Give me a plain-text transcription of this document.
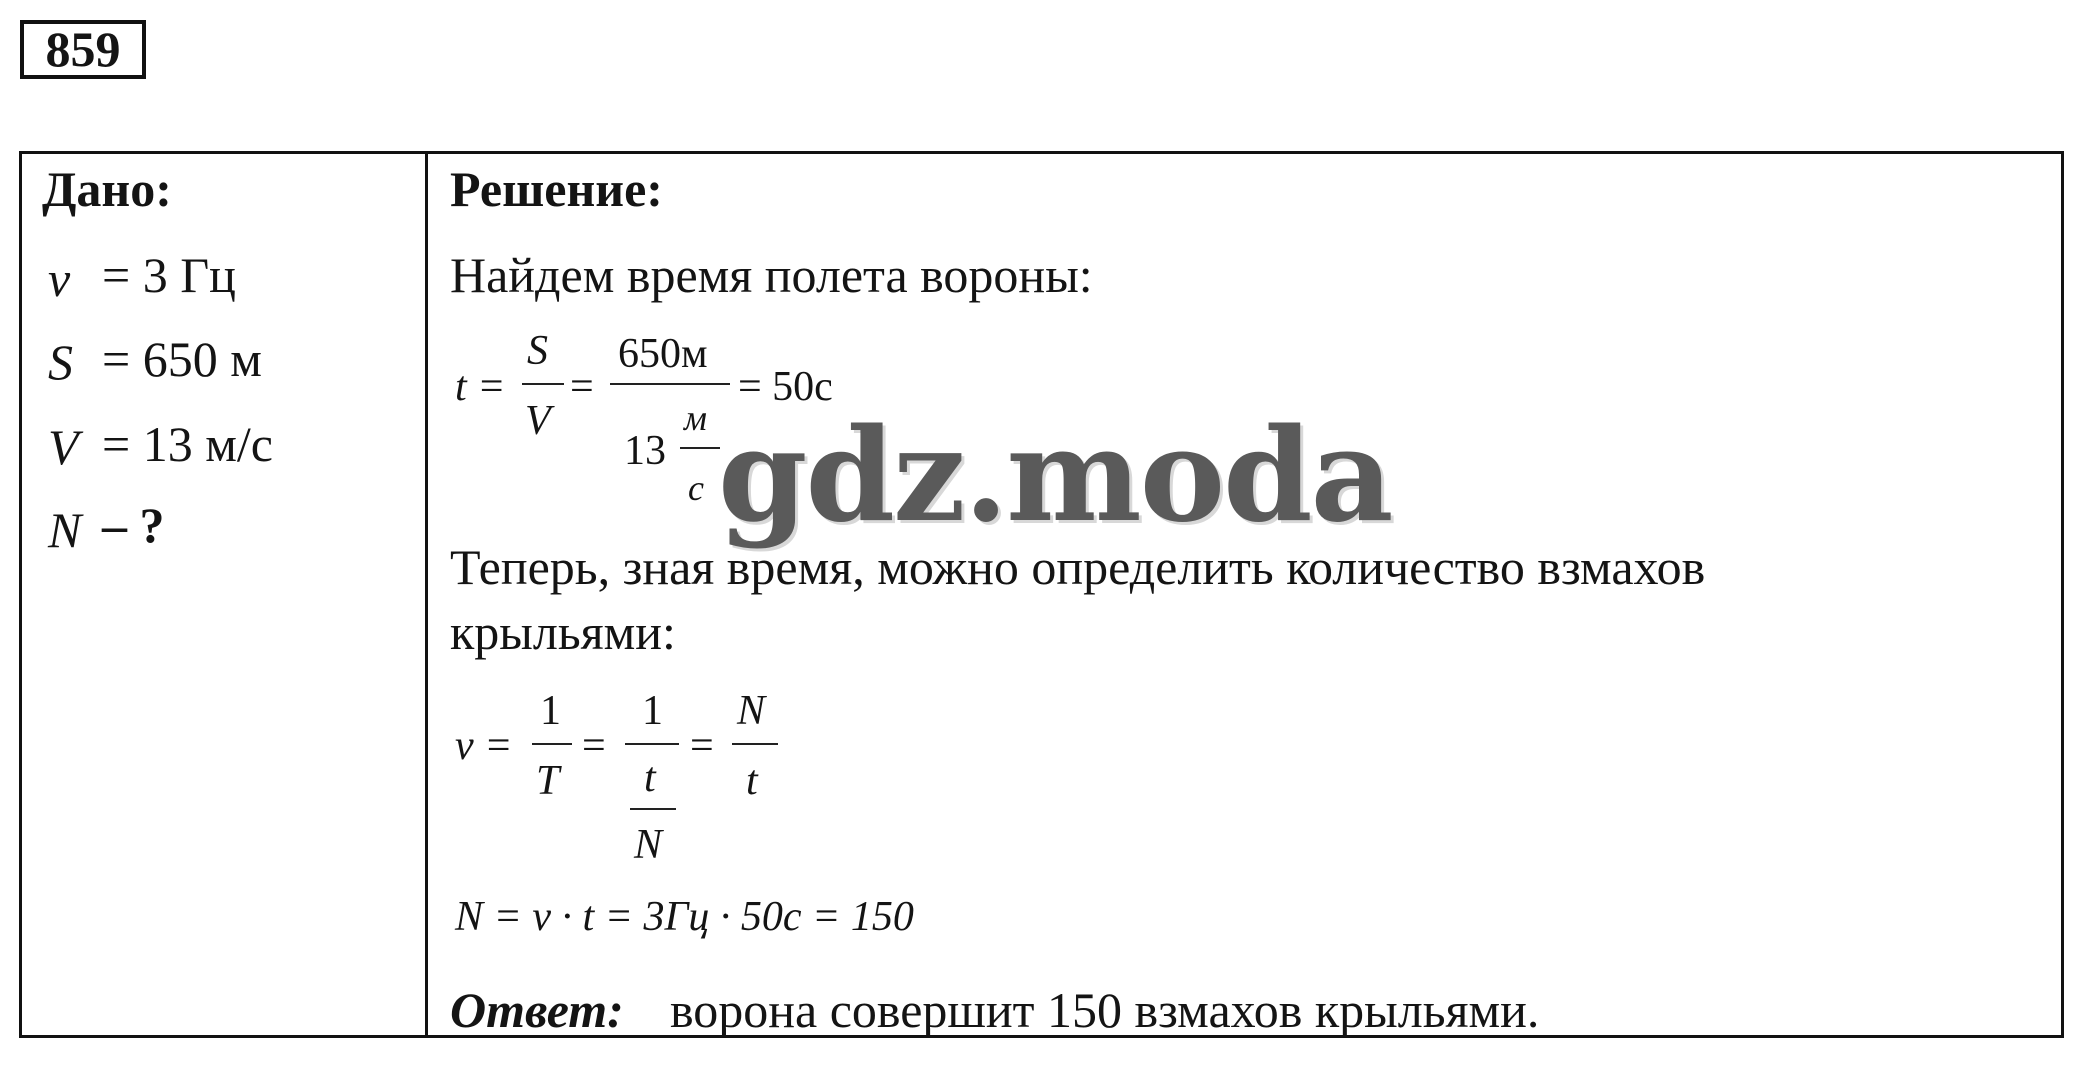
859
Дано:
ν = 3 Гц
S = 650 м
V = 13 м/с
N – ?
Решение:
Найдем время полета вороны:
t =
S
V
=
650м
13
м
с
= 50с
Теперь, зная время, можно определить количество взмахов
крыльями:
ν =
1
T
=
1
t
N
=
N
t
N = ν · t = 3Гц · 50с = 150
Ответ: ворона совершит 150 взмахов крыльями.
gdz.moda
